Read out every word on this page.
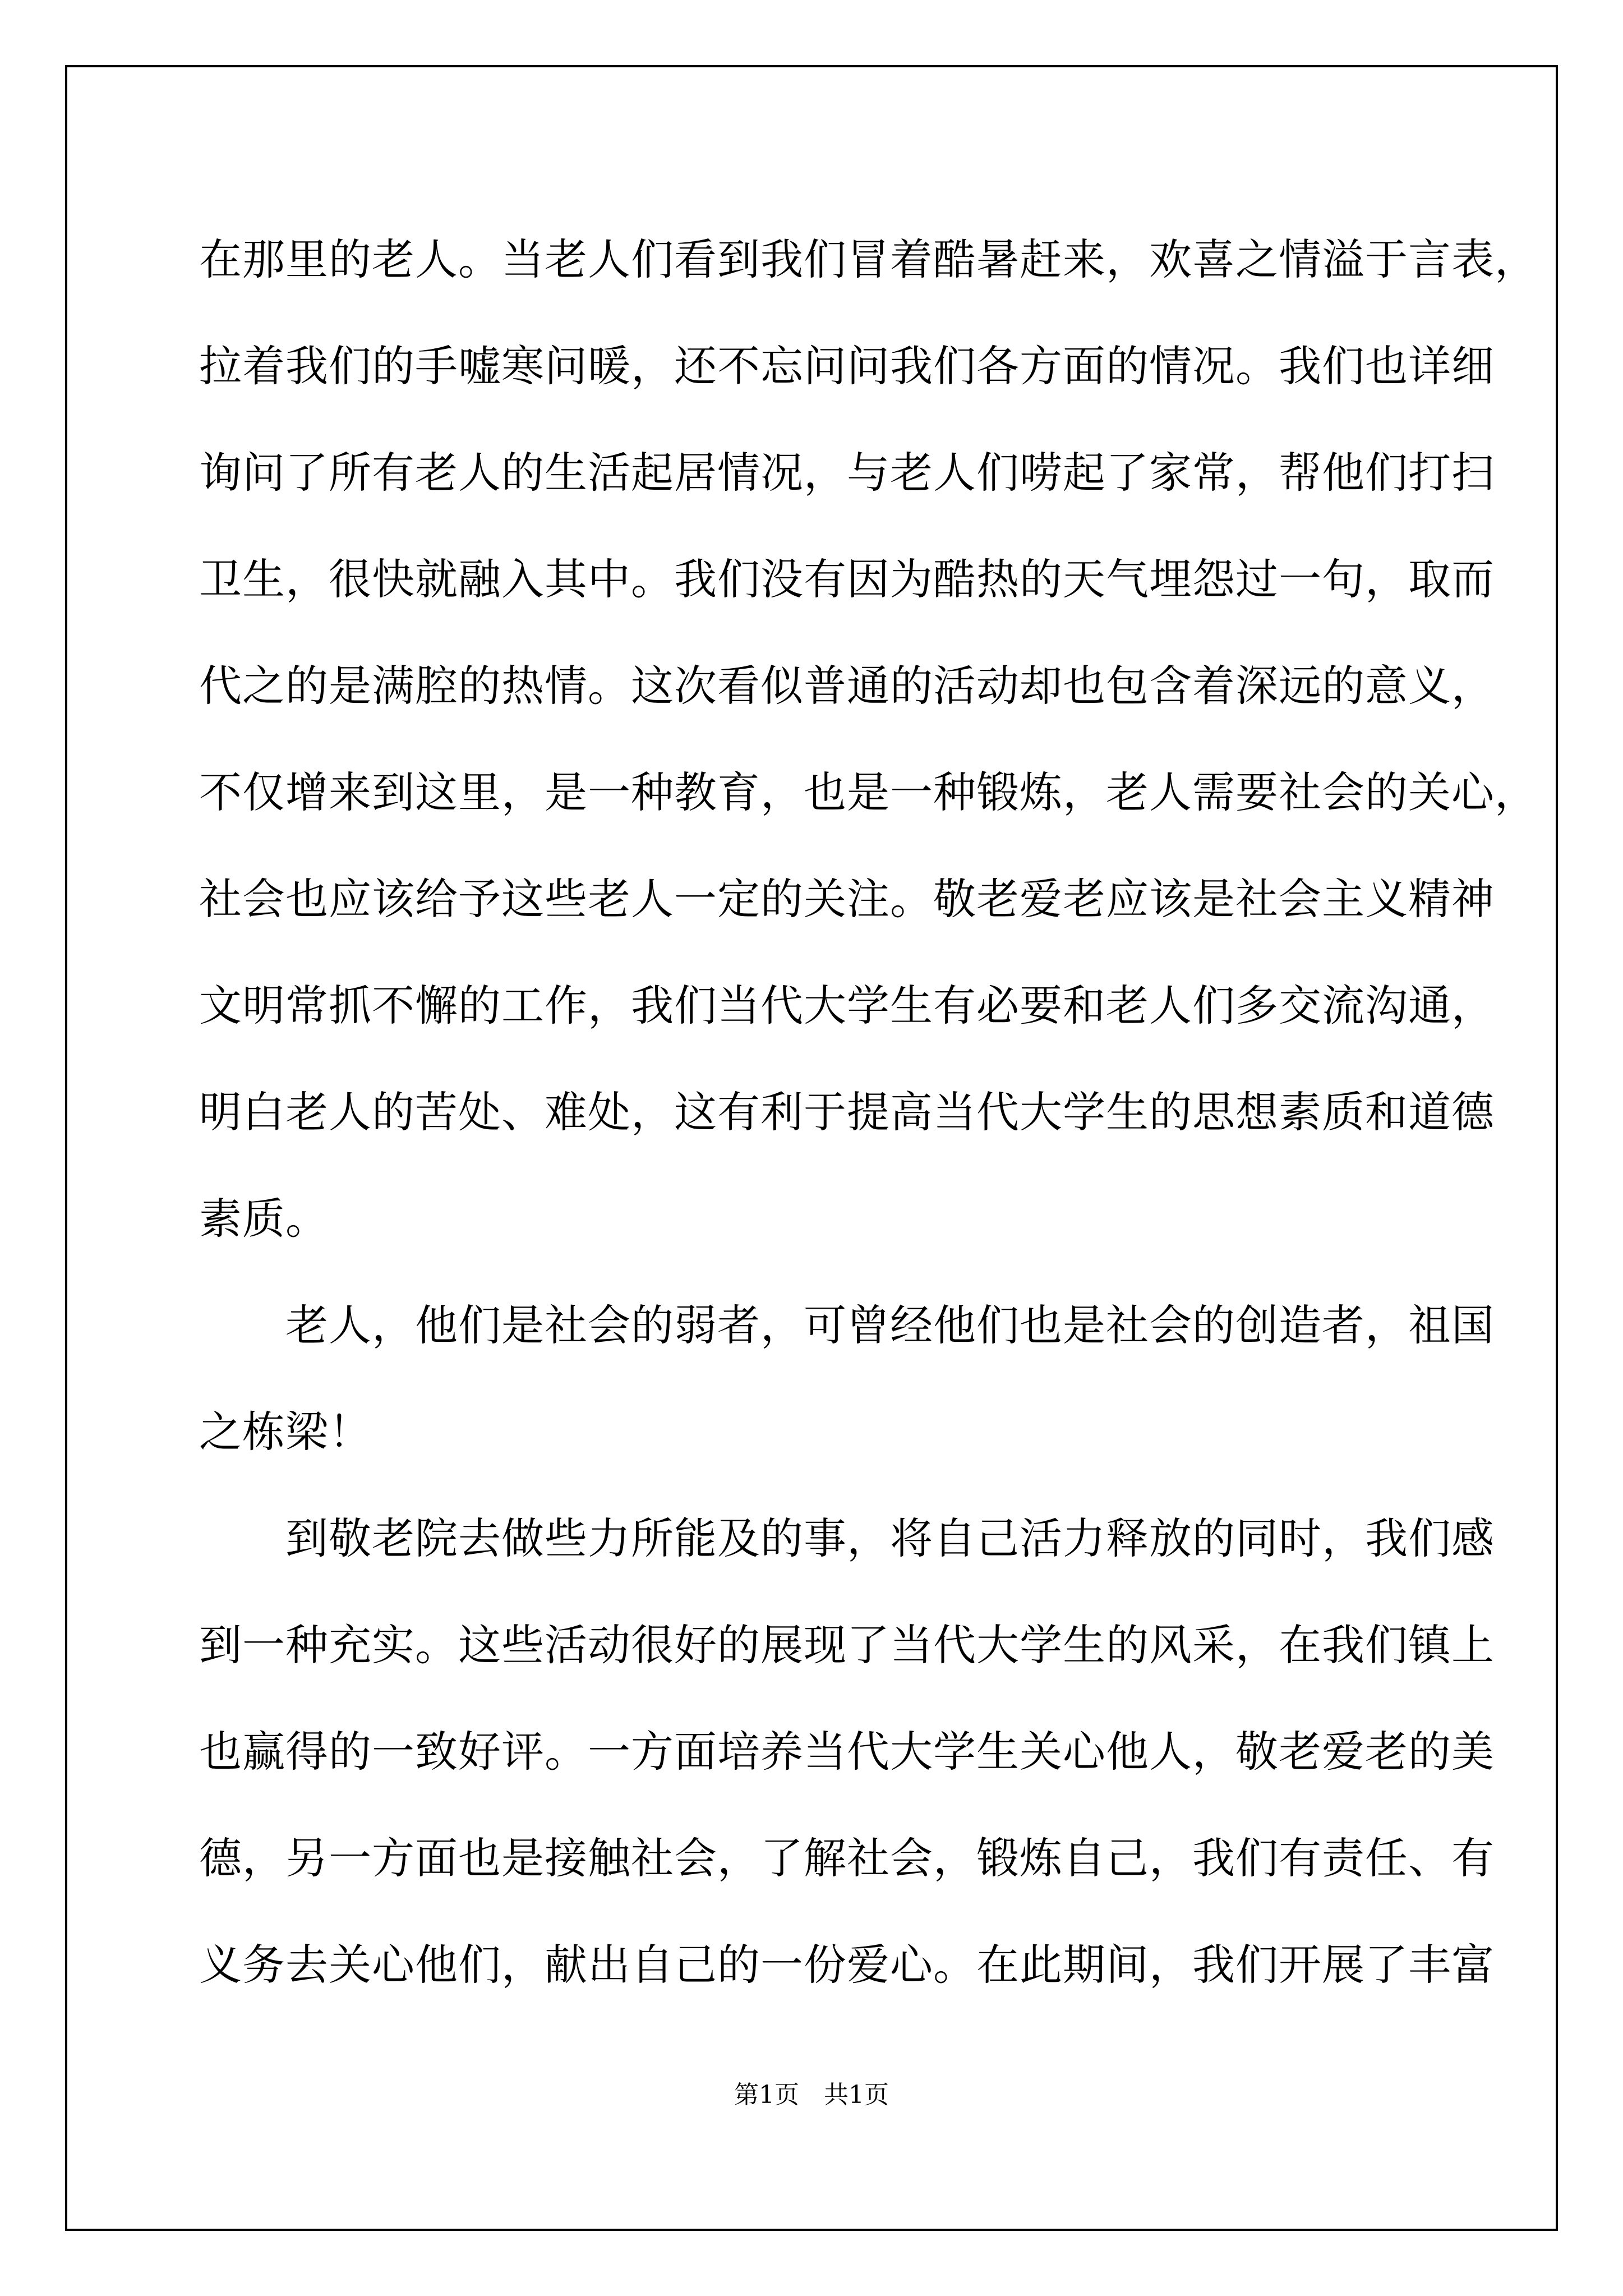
在那里的老人。当老人们看到我们冒着酷暑赶来，欢喜之情溢于言表，
拉着我们的手嘘寒问暖，还不忘问问我们各方面的情况。我们也详细
询问了所有老人的生活起居情况，与老人们唠起了家常，帮他们打扫
卫生，很快就融入其中。我们没有因为酷热的天气埋怨过一句，取而
代之的是满腔的热情。这次看似普通的活动却也包含着深远的意义，
不仅增来到这里，是一种教育，也是一种锻炼，老人需要社会的关心，
社会也应该给予这些老人一定的关注。敬老爱老应该是社会主义精神
文明常抓不懈的工作，我们当代大学生有必要和老人们多交流沟通，
明白老人的苦处、难处，这有利于提高当代大学生的思想素质和道德
素质。
　　老人，他们是社会的弱者，可曾经他们也是社会的创造者，祖国
之栋梁！
　　到敬老院去做些力所能及的事，将自己活力释放的同时，我们感
到一种充实。这些活动很好的展现了当代大学生的风采，在我们镇上
也赢得的一致好评。一方面培养当代大学生关心他人，敬老爱老的美
德，另一方面也是接触社会，了解社会，锻炼自己，我们有责任、有
义务去关心他们，献出自己的一份爱心。在此期间，我们开展了丰富
第1页　共1页
